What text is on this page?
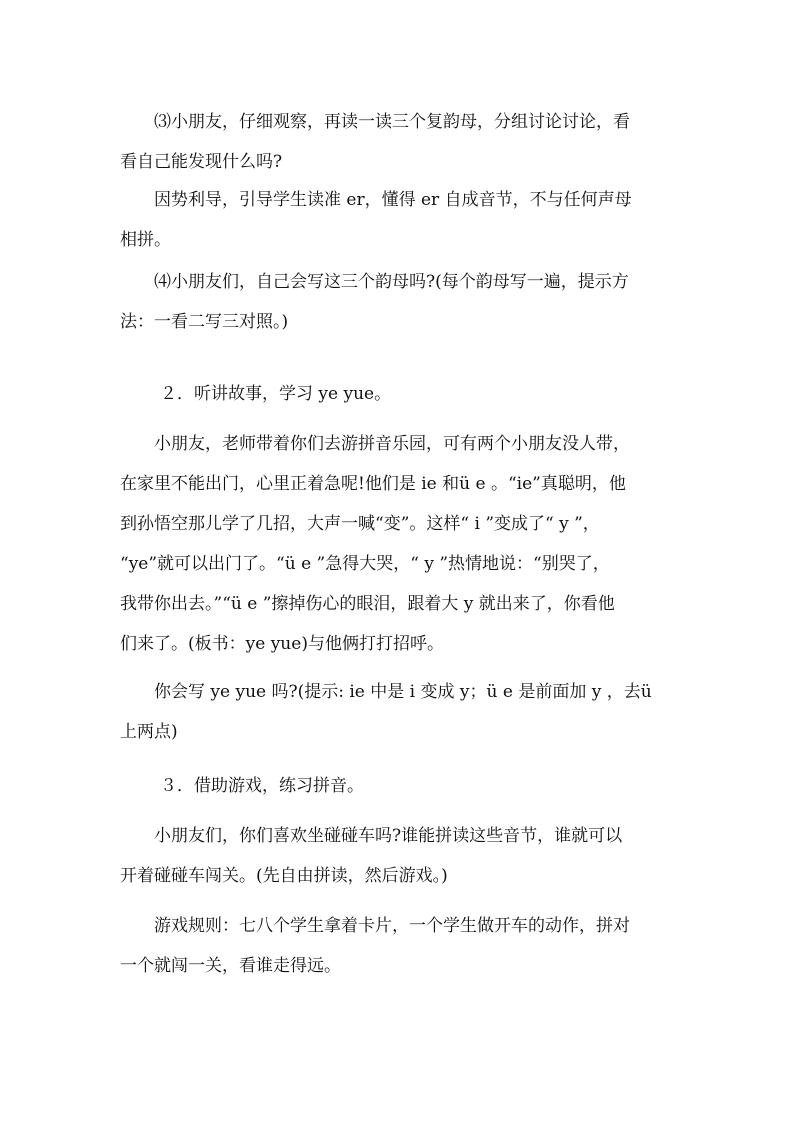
⑶小朋友，仔细观察，再读一读三个复韵母，分组讨论讨论，看
看自己能发现什么吗?
因势利导，引导学生读准 er，懂得 er 自成音节，不与任何声母
相拼。
⑷小朋友们，自己会写这三个韵母吗?(每个韵母写一遍，提示方
法：一看二写三对照。)
２．听讲故事，学习 ye yue。
小朋友，老师带着你们去游拼音乐园，可有两个小朋友没人带，
在家里不能出门，心里正着急呢!他们是 ie 和ü e 。“ie”真聪明，他
到孙悟空那儿学了几招，大声一喊“变”。这样“ i ”变成了“ y ”，
“ye”就可以出门了。“ü e ”急得大哭，“ y ”热情地说：“别哭了，
我带你出去。”“ü e ”擦掉伤心的眼泪，跟着大 y 就出来了，你看他
们来了。(板书：ye yue)与他俩打打招呼。
你会写 ye yue 吗?(提示: ie 中是 i 变成 y；ü e 是前面加 y ，去ü
上两点)
３．借助游戏，练习拼音。
小朋友们，你们喜欢坐碰碰车吗?谁能拼读这些音节，谁就可以
开着碰碰车闯关。(先自由拼读，然后游戏。)
游戏规则：七八个学生拿着卡片，一个学生做开车的动作，拼对
一个就闯一关，看谁走得远。
